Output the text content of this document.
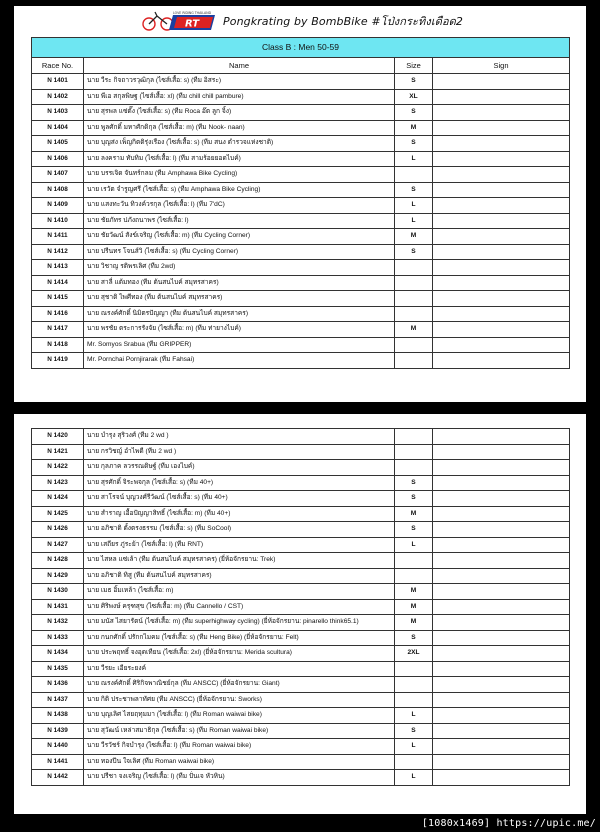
RT
LOVE RIDING THAILAND
Pongkrating by BombBike #โป่งกระทิงเดือด2
Class B : Men 50-59			
Race No.	Name	Size	Sign
N 1401	นาย วีระ กิจถาวรวุฒิกุล (ไซส์เสื้อ: s) (ทีม อิสระ)	S	
N 1402	นาย พีเอ สกุลพิษฐ (ไซส์เสื้อ: xl) (ทีม chill chill pambure)	XL	
N 1403	นาย สุรพล แซ่ตั๊ง (ไซส์เสื้อ: s) (ทีม Roca อ๊ต ลูก จิ้ง)	S	
N 1404	นาย พูลศักดิ์ มหาศักดิกุล (ไซส์เสื้อ: m) (ทีม Nook- naan)	M	
N 1405	นาย บุญส่ง เพ็ญกิตติรุ่งเรือง (ไซส์เสื้อ: s) (ทีม สนง ตำรวจแห่งชาติ)	S	
N 1406	นาย ลงคราม ทับทิม (ไซส์เสื้อ: l) (ทีม สามร้อยยอดไบค์)	L	
N 1407	นาย บรรเจิด จันทร์กลม (ทีม Amphawa Bike Cycling)		
N 1408	นาย เรวัต จำรูญศรี (ไซส์เสื้อ: s) (ทีม Amphawa Bike Cycling)	S	
N 1409	นาย แสงทะวัน ทิวงค์วรกุล (ไซส์เสื้อ: l) (ทีม 7'dC)	L	
N 1410	นาย ชัยภัทร ปภังถนาพร (ไซส์เสื้อ: l)	L	
N 1411	นาย ชัยวัฒน์ สังข์เจริญ (ไซส์เสื้อ: m) (ทีม Cycling Corner)	M	
N 1412	นาย ปรีนทร โจนส์วิ (ไซส์เสื้อ: s) (ทีม Cycling Corner)	S	
N 1413	นาย วิชาญ รติพรเลิศ (ทีม 2wd)		
N 1414	นาย สาลี่ แต้มทอง (ทีม ต้นสนไบค์ สมุทรสาคร)		
N 1415	นาย สุชาติ ไพศีทอง (ทีม ต้นสนไบค์ สมุทรสาคร)		
N 1416	นาย ณรงค์ศักดิ์ นิมิตรปัญญา (ทีม ต้นสนไบค์ สมุทรสาคร)		
N 1417	นาย พรชัย ตระการรังจัย (ไซส์เสื้อ: m) (ทีม ท่ายางไบค์)	M	
N 1418	Mr. Somyos Srabua (ทีม GRIPPER)		
N 1419	Mr. Pornchai Pornjirarak (ทีม Fahsai)		
N 1420	นาย บำรุง สุริวงศ์ (ทีม 2 wd )		
N 1421	นาย กรวิชญ์ อำไพดี (ทีม 2 wd )		
N 1422	นาย กุลภาค ลวรรณดิษฐ์ (ทีม เองไบค์)		
N 1423	นาย สุรศักดิ์ จิระพจกุล (ไซส์เสื้อ: s) (ทีม 40+)	S	
N 1424	นาย สาโรจน์ บุญวงศ์รีวัฒน์ (ไซส์เสื้อ: s) (ทีม 40+)	S	
N 1425	นาย สำราญ เอื้อปัญญาสิทธิ์ (ไซส์เสื้อ: m) (ทีม 40+)	M	
N 1426	นาย อภิชาติ ตั้งตรงธรรม (ไซส์เสื้อ: s) (ทีม SoCool)	S	
N 1427	นาย เสถียร ภู่ระย้า (ไซส์เสื้อ: l) (ทีม RNT)	L	
N 1428	นาย ไสหล แซ่เล้า (ทีม ต้นสนไบค์ สมุทรสาคร) (ยี่ห้อจักรยาน: Trek)		
N 1429	นาย อภิชาติ ทิสู (ทีม ต้นสนไบค์ สมุทรสาคร)		
N 1430	นาย เมธ อิ้มเหล้า (ไซส์เสื้อ: m)	M	
N 1431	นาย ศิริพงษ์ ครุฑสุข (ไซส์เสื้อ: m) (ทีม Cannello / CST)	M	
N 1432	นาย มนัส ไสยารัตน์ (ไซส์เสื้อ: m) (ทีม superhighway cycling) (ยี่ห้อจักรยาน: pinarello think65.1)	M	
N 1433	นาย กนกศักดิ์ ปรักกไมคม (ไซส์เสื้อ: s) (ทีม Heng Bike) (ยี่ห้อจักรยาน: Felt)	S	
N 1434	นาย ประพฤทธิ์ จงอุดเทียน (ไซส์เสื้อ: 2xl) (ยี่ห้อจักรยาน: Merida scultura)	2XL	
N 1435	นาย วีรยะ เอียระยงค์		
N 1436	นาย ณรงค์ศักดิ์ ศิริกิจพาณิชย์กุล (ทีม ANSCC) (ยี่ห้อจักรยาน: Giant)		
N 1437	นาย กิติ ประชาพลาทัศย (ทีม ANSCC) (ยี่ห้อจักรยาน: Sworks)		
N 1438	นาย บุญเลิศ ไสยฤทุมมา (ไซส์เสื้อ: l) (ทีม Roman waiwai bike)	L	
N 1439	นาย สุวัฒน์ เหล่าสมาธิกุล (ไซส์เสื้อ: s) (ทีม Roman waiwai bike)	S	
N 1440	นาย วีรวัชร์ กิจบำรุง (ไซส์เสื้อ: l) (ทีม Roman waiwai bike)	L	
N 1441	นาย ทองปีน ใจเลิศ (ทีม Roman waiwai bike)		
N 1442	นาย ปรีชา จงเจริญ (ไซส์เสื้อ: l) (ทีม ปั่นเจ หัวหิน)	L	
[1080x1469] https://upic.me/
